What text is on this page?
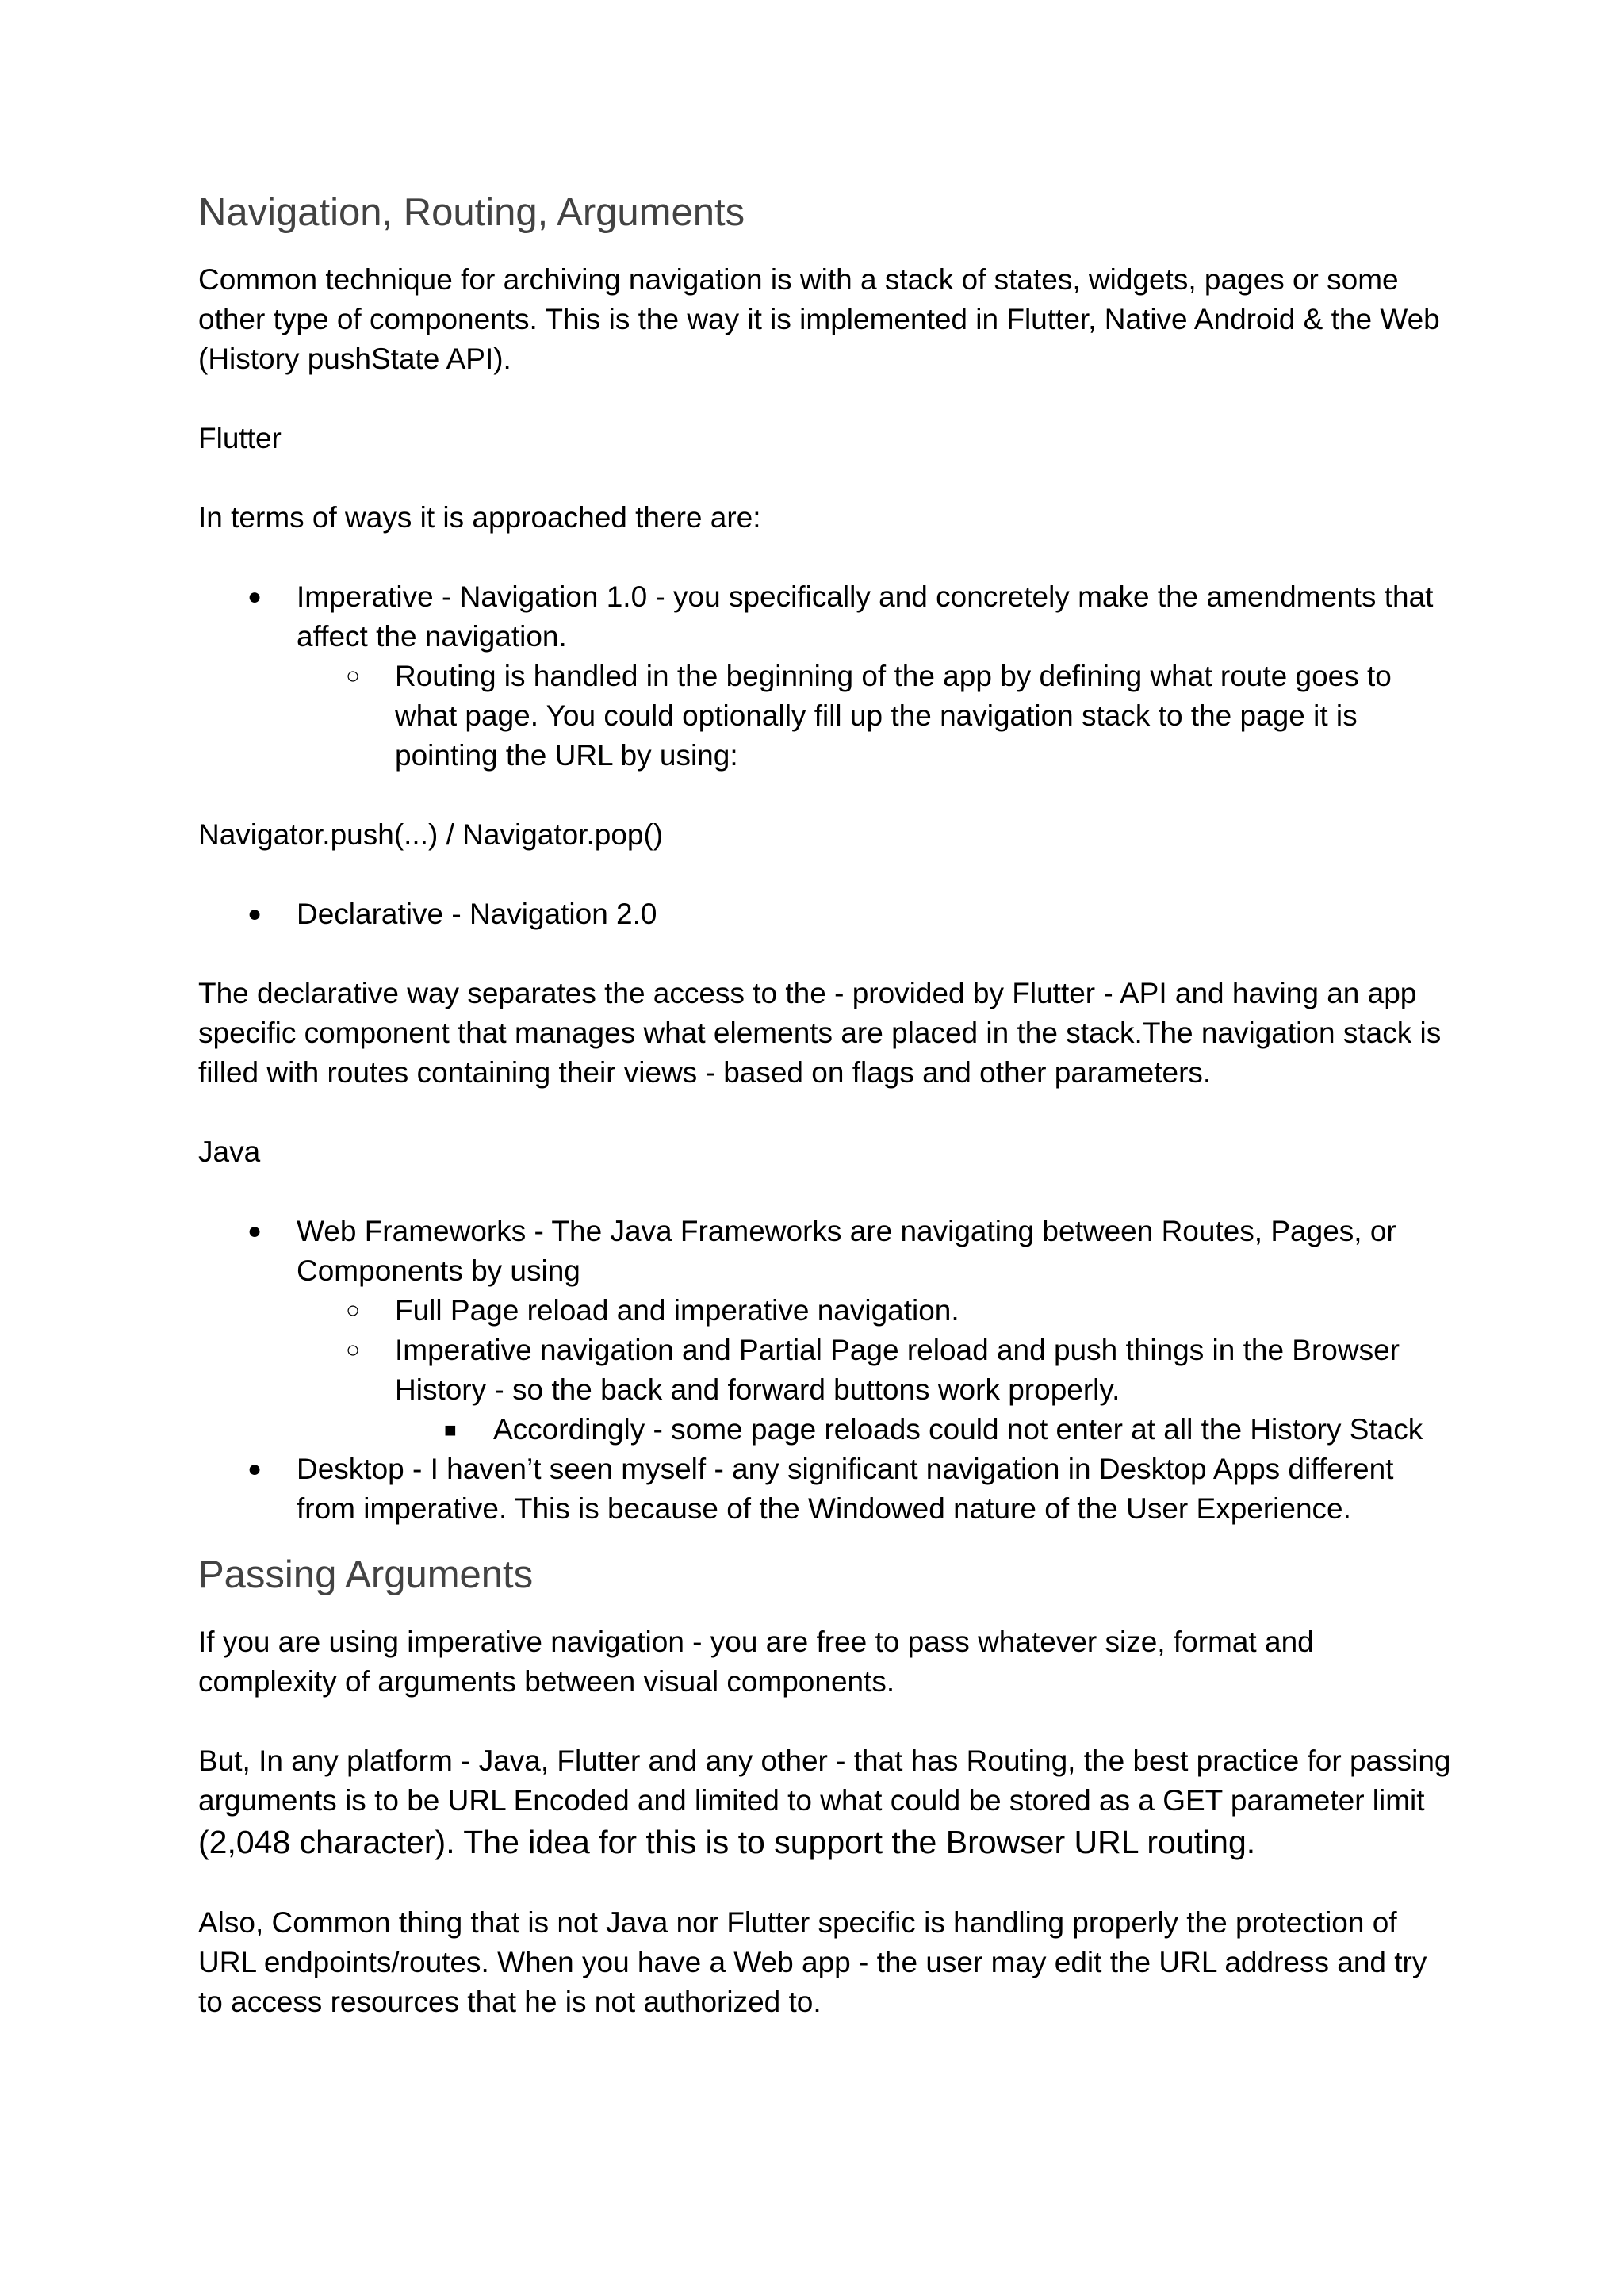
Navigation, Routing, Arguments

Common technique for archiving navigation is with a stack of states, widgets, pages or some other type of components. This is the way it is implemented in Flutter, Native Android & the Web (History pushState API).

Flutter

In terms of ways it is approached there are:

● Imperative - Navigation 1.0 - you specifically and concretely make the amendments that affect the navigation.
○ Routing is handled in the beginning of the app by defining what route goes to what page. You could optionally fill up the navigation stack to the page it is pointing the URL by using:

Navigator.push(...) / Navigator.pop()

● Declarative - Navigation 2.0

The declarative way separates the access to the - provided by Flutter - API and having an app specific component that manages what elements are placed in the stack.The navigation stack is filled with routes containing their views - based on flags and other parameters.

Java

● Web Frameworks - The Java Frameworks are navigating between Routes, Pages, or Components by using
○ Full Page reload and imperative navigation.
○ Imperative navigation and Partial Page reload and push things in the Browser History - so the back and forward buttons work properly.
■ Accordingly - some page reloads could not enter at all the History Stack
● Desktop - I haven’t seen myself - any significant navigation in Desktop Apps different from imperative. This is because of the Windowed nature of the User Experience.
Passing Arguments

If you are using imperative navigation - you are free to pass whatever size, format and complexity of arguments between visual components.

But, In any platform - Java, Flutter and any other - that has Routing, the best practice for passing arguments is to be URL Encoded and limited to what could be stored as a GET parameter limit (2,048 character). The idea for this is to support the Browser URL routing.

Also, Common thing that is not Java nor Flutter specific is handling properly the protection of URL endpoints/routes. When you have a Web app - the user may edit the URL address and try to access resources that he is not authorized to.
